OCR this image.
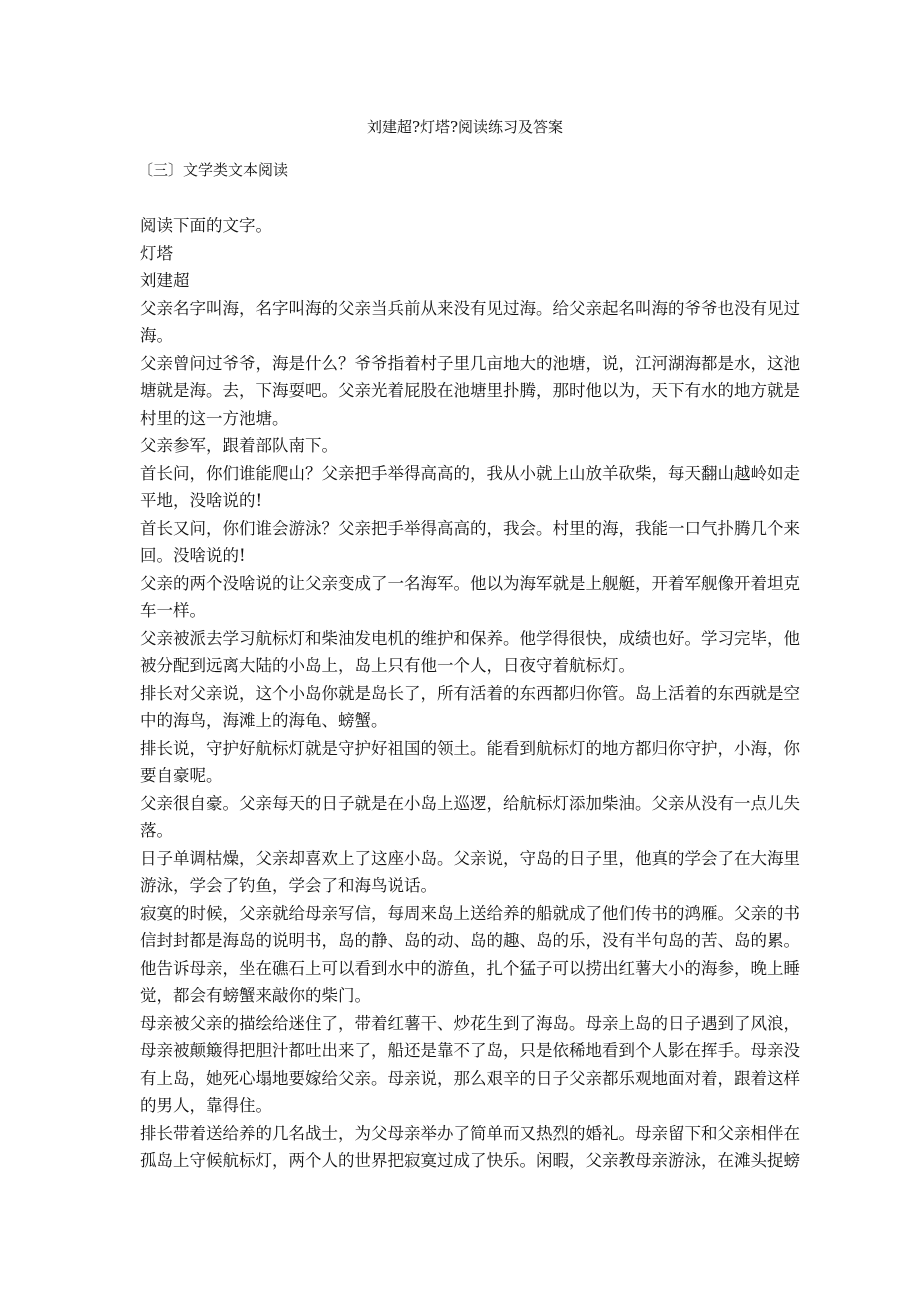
刘建超?灯塔?阅读练习及答案
〔三〕文学类文本阅读
阅读下面的文字。
灯塔
刘建超
父亲名字叫海，名字叫海的父亲当兵前从来没有见过海。给父亲起名叫海的爷爷也没有见过
海。
父亲曾问过爷爷，海是什么？爷爷指着村子里几亩地大的池塘，说，江河湖海都是水，这池
塘就是海。去，下海耍吧。父亲光着屁股在池塘里扑腾，那时他以为，天下有水的地方就是
村里的这一方池塘。
父亲参军，跟着部队南下。
首长问，你们谁能爬山？父亲把手举得高高的，我从小就上山放羊砍柴，每天翻山越岭如走
平地，没啥说的!
首长又问，你们谁会游泳？父亲把手举得高高的，我会。村里的海，我能一口气扑腾几个来
回。没啥说的!
父亲的两个没啥说的让父亲变成了一名海军。他以为海军就是上舰艇，开着军舰像开着坦克
车一样。
父亲被派去学习航标灯和柴油发电机的维护和保养。他学得很快，成绩也好。学习完毕，他
被分配到远离大陆的小岛上，岛上只有他一个人，日夜守着航标灯。
排长对父亲说，这个小岛你就是岛长了，所有活着的东西都归你管。岛上活着的东西就是空
中的海鸟，海滩上的海龟、螃蟹。
排长说，守护好航标灯就是守护好祖国的领土。能看到航标灯的地方都归你守护，小海，你
要自豪呢。
父亲很自豪。父亲每天的日子就是在小岛上巡逻，给航标灯添加柴油。父亲从没有一点儿失
落。
日子单调枯燥，父亲却喜欢上了这座小岛。父亲说，守岛的日子里，他真的学会了在大海里
游泳，学会了钓鱼，学会了和海鸟说话。
寂寞的时候，父亲就给母亲写信，每周来岛上送给养的船就成了他们传书的鸿雁。父亲的书
信封封都是海岛的说明书，岛的静、岛的动、岛的趣、岛的乐，没有半句岛的苦、岛的累。
他告诉母亲，坐在礁石上可以看到水中的游鱼，扎个猛子可以捞出红薯大小的海参，晚上睡
觉，都会有螃蟹来敲你的柴门。
母亲被父亲的描绘给迷住了，带着红薯干、炒花生到了海岛。母亲上岛的日子遇到了风浪，
母亲被颠簸得把胆汁都吐出来了，船还是靠不了岛，只是依稀地看到个人影在挥手。母亲没
有上岛，她死心塌地要嫁给父亲。母亲说，那么艰辛的日子父亲都乐观地面对着，跟着这样
的男人，靠得住。
排长带着送给养的几名战士，为父母亲举办了简单而又热烈的婚礼。母亲留下和父亲相伴在
孤岛上守候航标灯，两个人的世界把寂寞过成了快乐。闲暇，父亲教母亲游泳，在滩头捉螃
